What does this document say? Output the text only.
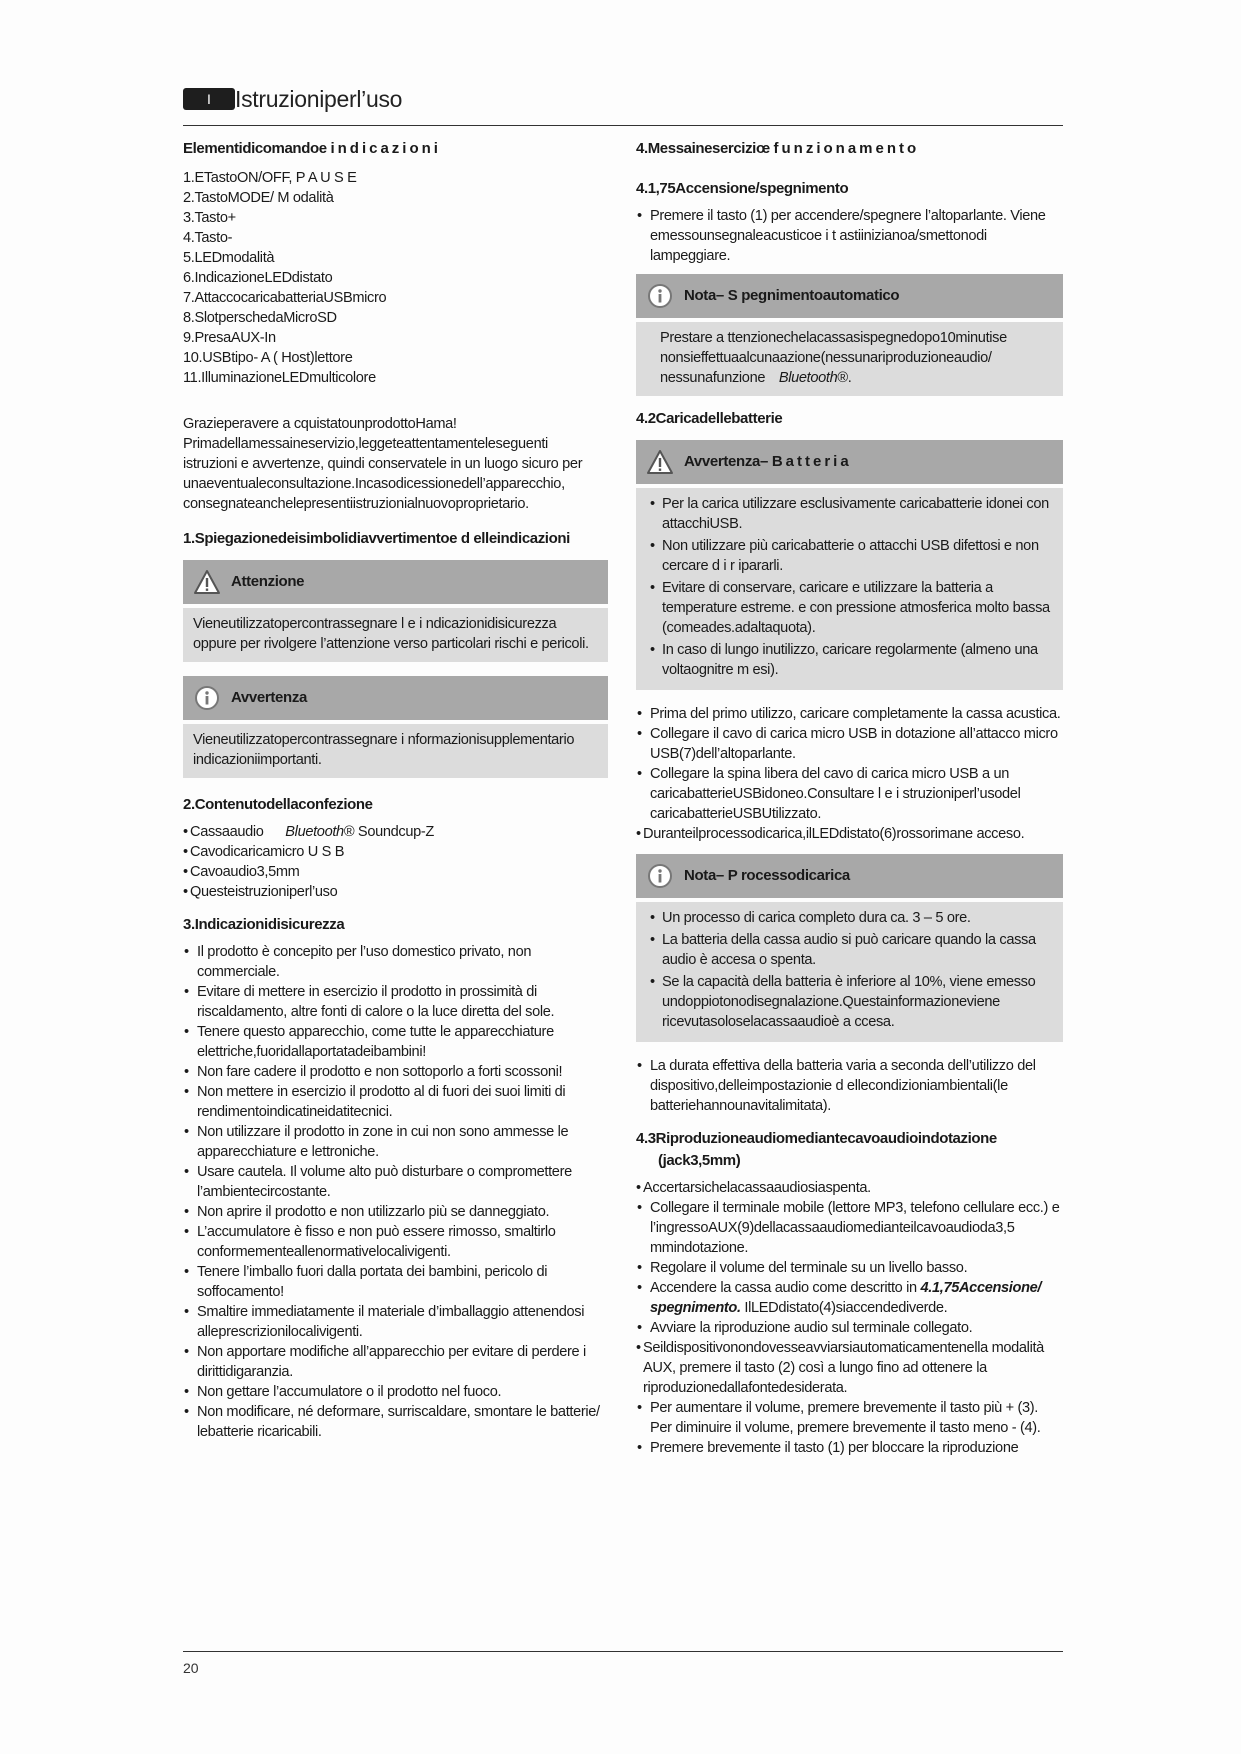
I	Istruzioniperl’uso
Elementidicomandoe indicazioni
1.ETastoON/OFF, P A U S E
2.TastoMODE/ M odalità
3.Tasto+
4.Tasto-
5.LEDmodalità
6.IndicazioneLEDdistato
7.AttaccocaricabatteriaUSBmicro
8.SlotperschedaMicroSD
9.PresaAUX-In
10.USBtipo- A ( Host)lettore
11.IlluminazioneLEDmulticolore

Grazieperavere a cquistatounprodottoHama!

Primadellamessaineservizio,leggeteattentamenteleseguenti

istruzioni e avvertenze, quindi conservatele in un luogo sicuro per

unaeventualeconsultazione.Incasodicessionedell’apparecchio,

consegnateanchelepresentiistruzionialnuovoproprietario.

1.Spiegazionedeisimbolidiavvertimentoe d elleindicazioni
Attenzione

Vieneutilizzatopercontrassegnare l e i ndicazionidisicurezza

oppure per rivolgere l’attenzione verso particolari rischi e pericoli.

Avvertenza

Vieneutilizzatopercontrassegnare i nformazionisupplementario

indicazioniimportanti.

2.Contenutodellaconfezione
• Cassaaudio Bluetooth® Soundcup-Z
• Cavodicaricamicro U S B
• Cavoaudio3,5mm
• Questeistruzioniperl’uso
3.Indicazionidisicurezza
• Il prodotto è concepito per l’uso domestico privato, non commerciale.
• Evitare di mettere in esercizio il prodotto in prossimità di riscaldamento, altre fonti di calore o la luce diretta del sole.
• Tenere questo apparecchio, come tutte le apparecchiature elettriche,fuoridallaportatadeibambini!
• Non fare cadere il prodotto e non sottoporlo a forti scossoni!
• Non mettere in esercizio il prodotto al di fuori dei suoi limiti di rendimentoindicatineidatitecnici.
• Non utilizzare il prodotto in zone in cui non sono ammesse le apparecchiature e lettroniche.
• Usare cautela. Il volume alto può disturbare o compromettere l’ambientecircostante.
• Non aprire il prodotto e non utilizzarlo più se danneggiato.
• L’accumulatore è fisso e non può essere rimosso, smaltirlo conformementeallenormativelocalivigenti.
• Tenere l’imballo fuori dalla portata dei bambini, pericolo di soffocamento!
• Smaltire immediatamente il materiale d’imballaggio attenendosi alleprescrizionilocalivigenti.
• Non apportare modifiche all’apparecchio per evitare di perdere i dirittidigaranzia.
• Non gettare l’accumulatore o il prodotto nel fuoco.
• Non modificare, né deformare, surriscaldare, smontare le batterie/ lebatterie ricaricabili.
4.Messaineserciziœ funzionamento
4.1,75Accensione/spegnimento
• Premere il tasto (1) per accendere/spegnere l’altoparlante. Viene emessounsegnaleacusticoe i t astiinizianoa/smettonodi lampeggiare.
Nota– S pegnimentoautomatico

Prestare a ttenzionechelacassasispegnedopo10minutise

nonsieffettuaalcunaazione(nessunariproduzioneaudio/

nessunafunzione Bluetooth®.

4.2Caricadellebatterie
Avvertenza– Batteria
• Per la carica utilizzare esclusivamente caricabatterie idonei con attacchiUSB.
• Non utilizzare più caricabatterie o attacchi USB difettosi e non cercare d i r ipararli.
• Evitare di conservare, caricare e utilizzare la batteria a temperature estreme. e con pressione atmosferica molto bassa (comeades.adaltaquota).
• In caso di lungo inutilizzo, caricare regolarmente (almeno una voltaognitre m esi).
• Prima del primo utilizzo, caricare completamente la cassa acustica.
• Collegare il cavo di carica micro USB in dotazione all’attacco micro USB(7)dell’altoparlante.
• Collegare la spina libera del cavo di carica micro USB a un caricabatterieUSBidoneo.Consultare l e i struzioniperl’usodel caricabatterieUSBUtilizzato.
• Duranteilprocessodicarica,ilLEDdistato(6)rossorimane acceso.
Nota– P rocessodicarica
• Un processo di carica completo dura ca. 3 – 5 ore.
• La batteria della cassa audio si può caricare quando la cassa audio è accesa o spenta.
• Se la capacità della batteria è inferiore al 10%, viene emesso undoppiotonodisegnalazione.Questainformazioneviene ricevutasoloselacassaaudioè a ccesa.
• La durata effettiva della batteria varia a seconda dell’utilizzo del dispositivo,delleimpostazionie d ellecondizioniambientali(le batteriehannounavitalimitata).
4.3Riproduzioneaudiomediantecavoaudioindotazione
(jack3,5mm)
• Accertarsichelacassaaudiosiaspenta.
• Collegare il terminale mobile (lettore MP3, telefono cellulare ecc.) e l’ingressoAUX(9)dellacassaaudiomedianteilcavoaudioda3,5 mmindotazione.
• Regolare il volume del terminale su un livello basso.
• Accendere la cassa audio come descritto in 4.1,75Accensione/ spegnimento. IlLEDdistato(4)siaccendediverde.
• Avviare la riproduzione audio sul terminale collegato.
• Seildispositivonondovesseavviarsiautomaticamentenella modalità AUX, premere il tasto (2) così a lungo fino ad ottenere la riproduzionedallafontedesiderata.
• Per aumentare il volume, premere brevemente il tasto più + (3). Per diminuire il volume, premere brevemente il tasto meno - (4).
• Premere brevemente il tasto (1) per bloccare la riproduzione
20
